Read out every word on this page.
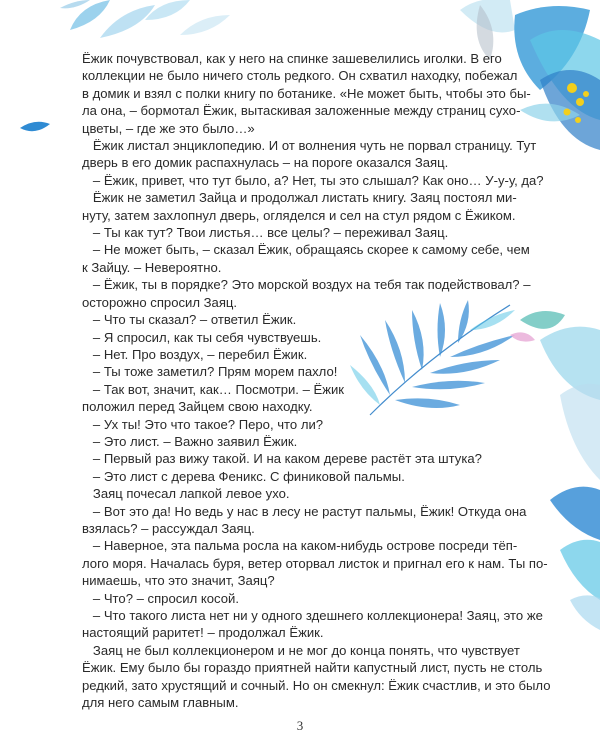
Ёжик почувствовал, как у него на спинке зашевелились иголки. В его
коллекции не было ничего столь редкого. Он схватил находку, побежал
в домик и взял с полки книгу по ботанике. «Не может быть, чтобы это бы-
ла она, – бормотал Ёжик, вытаскивая заложенные между страниц сухо-
цветы, – где же это было…»
Ёжик листал энциклопедию. И от волнения чуть не порвал страницу. Тут
дверь в его домик распахнулась – на пороге оказался Заяц.
– Ёжик, привет, что тут было, а? Нет, ты это слышал? Как оно… У-у-у, да?
Ёжик не заметил Зайца и продолжал листать книгу. Заяц постоял ми-
нуту, затем захлопнул дверь, огляделся и сел на стул рядом с Ёжиком.
– Ты как тут? Твои листья… все целы? – переживал Заяц.
– Не может быть, – сказал Ёжик, обращаясь скорее к самому себе, чем
к Зайцу. – Невероятно.
– Ёжик, ты в порядке? Это морской воздух на тебя так подействовал? –
осторожно спросил Заяц.
– Что ты сказал? – ответил Ёжик.
– Я спросил, как ты себя чувствуешь.
– Нет. Про воздух, – перебил Ёжик.
– Ты тоже заметил? Прям морем пахло!
– Так вот, значит, как… Посмотри. – Ёжик
положил перед Зайцем свою находку.
– Ух ты! Это что такое? Перо, что ли?
– Это лист. – Важно заявил Ёжик.
– Первый раз вижу такой. И на каком дереве растёт эта штука?
– Это лист с дерева Феникс. С финиковой пальмы.
Заяц почесал лапкой левое ухо.
– Вот это да! Но ведь у нас в лесу не растут пальмы, Ёжик! Откуда она
взялась? – рассуждал Заяц.
– Наверное, эта пальма росла на каком-нибудь острове посреди тёп-
лого моря. Началась буря, ветер оторвал листок и пригнал его к нам. Ты по-
нимаешь, что это значит, Заяц?
– Что? – спросил косой.
– Что такого листа нет ни у одного здешнего коллекционера! Заяц, это же
настоящий раритет! – продолжал Ёжик.
Заяц не был коллекционером и не мог до конца понять, что чувствует
Ёжик. Ему было бы гораздо приятней найти капустный лист, пусть не столь
редкий, зато хрустящий и сочный. Но он смекнул: Ёжик счастлив, и это было
для него самым главным.
3
